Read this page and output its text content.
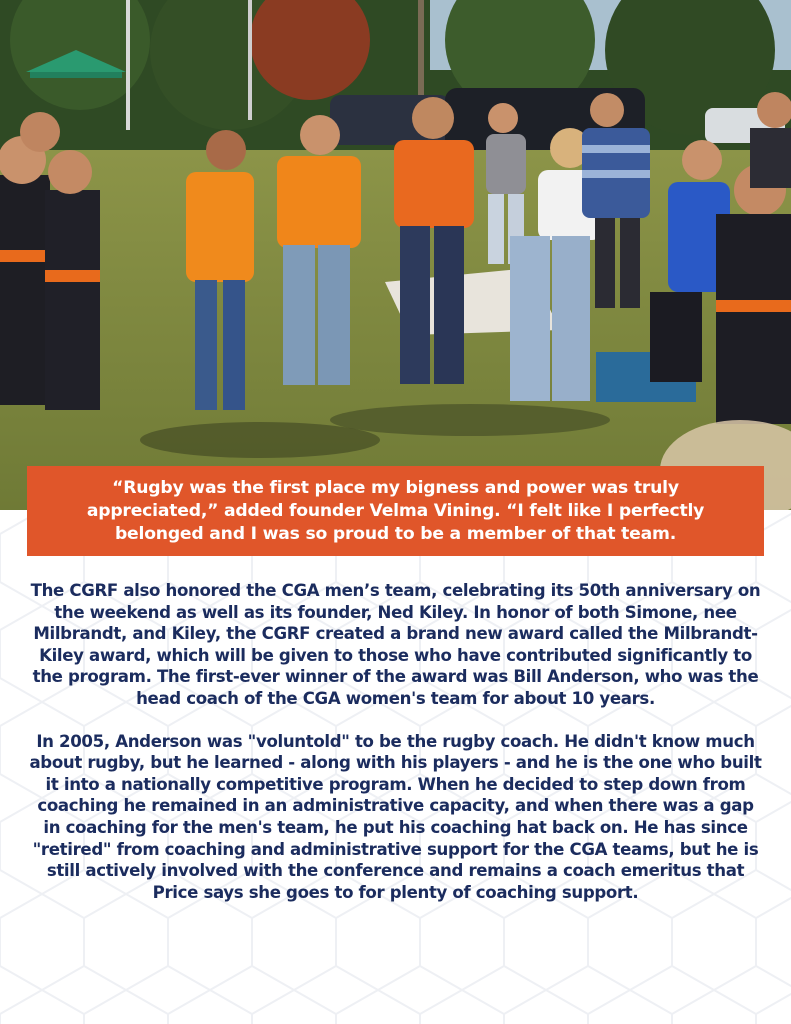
“Rugby was the first place my bigness and power was truly appreciated,” added founder Velma Vining. “I felt like I perfectly belonged and I was so proud to be a member of that team.

The CGRF also honored the CGA men’s team, celebrating its 50th anniversary on the weekend as well as its founder, Ned Kiley. In honor of both Simone, nee Milbrandt, and Kiley, the CGRF created a brand new award called the Milbrandt-Kiley award, which will be given to those who have contributed significantly to the program. The first-ever winner of the award was Bill Anderson, who was the head coach of the CGA women's team for about 10 years.

In 2005, Anderson was "voluntold" to be the rugby coach. He didn't know much about rugby, but he learned - along with his players - and he is the one who built it into a nationally competitive program. When he decided to step down from coaching he remained in an administrative capacity, and when there was a gap in coaching for the men's team, he put his coaching hat back on. He has since "retired" from coaching and administrative support for the CGA teams, but he is still actively involved with the conference and remains a coach emeritus that Price says she goes to for plenty of coaching support.
